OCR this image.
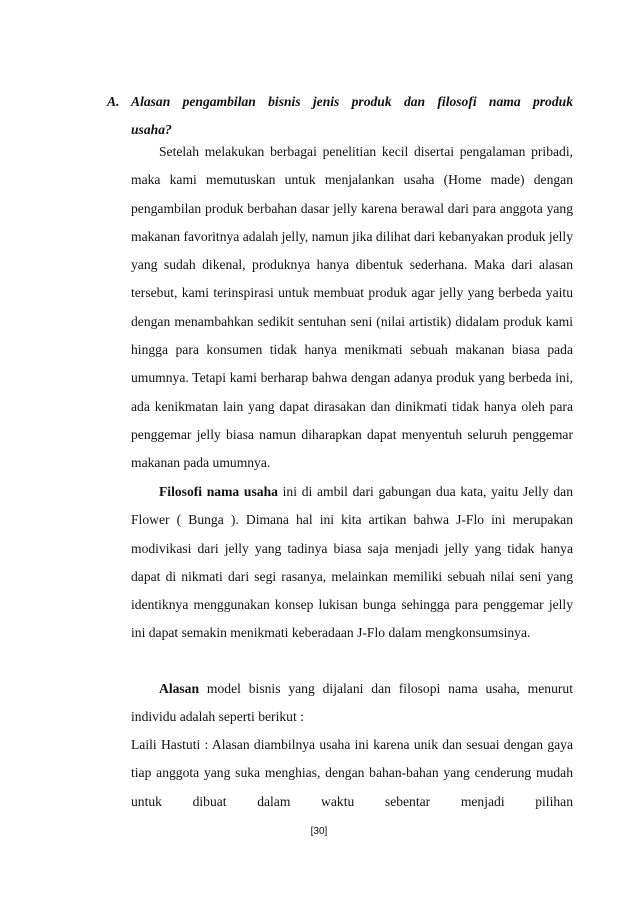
A. Alasan pengambilan bisnis jenis produk dan filosofi nama produk
usaha?

Setelah melakukan berbagai penelitian kecil disertai pengalaman pribadi, maka kami memutuskan untuk menjalankan usaha (Home made) dengan pengambilan produk berbahan dasar jelly karena berawal dari para anggota yang makanan favoritnya adalah jelly, namun jika dilihat dari kebanyakan produk jelly yang sudah dikenal, produknya hanya dibentuk sederhana. Maka dari alasan tersebut, kami terinspirasi untuk membuat produk agar jelly yang berbeda yaitu dengan menambahkan sedikit sentuhan seni (nilai artistik) didalam produk kami hingga para konsumen tidak hanya menikmati sebuah makanan biasa pada umumnya. Tetapi kami berharap bahwa dengan adanya produk yang berbeda ini, ada kenikmatan lain yang dapat dirasakan dan dinikmati tidak hanya oleh para penggemar jelly biasa namun diharapkan dapat menyentuh seluruh penggemar makanan pada umumnya.

Filosofi nama usaha ini di ambil dari gabungan dua kata, yaitu Jelly dan Flower ( Bunga ). Dimana hal ini kita artikan bahwa J-Flo ini merupakan modivikasi dari jelly yang tadinya biasa saja menjadi jelly yang tidak hanya dapat di nikmati dari segi rasanya, melainkan memiliki sebuah nilai seni yang identiknya menggunakan konsep lukisan bunga sehingga para penggemar jelly ini dapat semakin menikmati keberadaan J-Flo dalam mengkonsumsinya.

Alasan model bisnis yang dijalani dan filosopi nama usaha, menurut individu adalah seperti berikut :

Laili Hastuti : Alasan diambilnya usaha ini karena unik dan sesuai dengan gaya tiap anggota yang suka menghias, dengan bahan-bahan yang cenderung mudah untuk dibuat dalam waktu sebentar menjadi pilihan

[30]
